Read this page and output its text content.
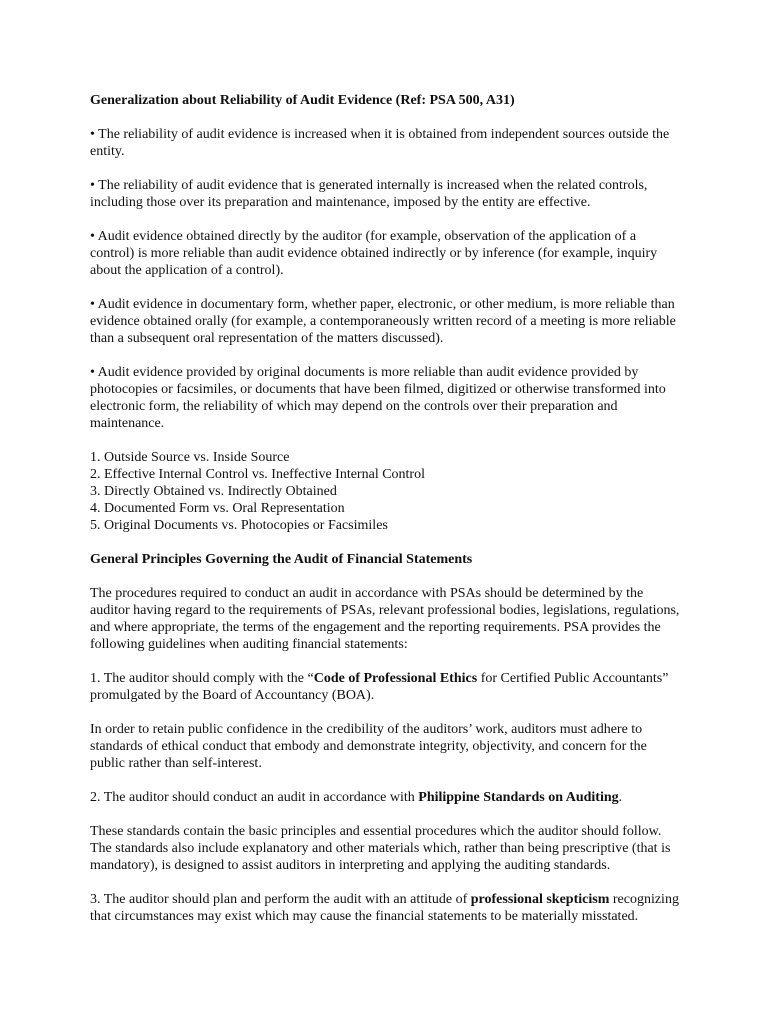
Generalization about Reliability of Audit Evidence (Ref: PSA 500, A31)

• The reliability of audit evidence is increased when it is obtained from independent sources outside the entity.

• The reliability of audit evidence that is generated internally is increased when the related controls, including those over its preparation and maintenance, imposed by the entity are effective.

• Audit evidence obtained directly by the auditor (for example, observation of the application of a control) is more reliable than audit evidence obtained indirectly or by inference (for example, inquiry about the application of a control).

• Audit evidence in documentary form, whether paper, electronic, or other medium, is more reliable than evidence obtained orally (for example, a contemporaneously written record of a meeting is more reliable than a subsequent oral representation of the matters discussed).

• Audit evidence provided by original documents is more reliable than audit evidence provided by photocopies or facsimiles, or documents that have been filmed, digitized or otherwise transformed into electronic form, the reliability of which may depend on the controls over their preparation and maintenance.

1. Outside Source vs. Inside Source
2. Effective Internal Control vs. Ineffective Internal Control
3. Directly Obtained vs. Indirectly Obtained
4. Documented Form vs. Oral Representation
5. Original Documents vs. Photocopies or Facsimiles

General Principles Governing the Audit of Financial Statements

The procedures required to conduct an audit in accordance with PSAs should be determined by the auditor having regard to the requirements of PSAs, relevant professional bodies, legislations, regulations, and where appropriate, the terms of the engagement and the reporting requirements. PSA provides the following guidelines when auditing financial statements:

1. The auditor should comply with the “Code of Professional Ethics for Certified Public Accountants” promulgated by the Board of Accountancy (BOA).

In order to retain public confidence in the credibility of the auditors’ work, auditors must adhere to standards of ethical conduct that embody and demonstrate integrity, objectivity, and concern for the public rather than self-interest.

2. The auditor should conduct an audit in accordance with Philippine Standards on Auditing.

These standards contain the basic principles and essential procedures which the auditor should follow. The standards also include explanatory and other materials which, rather than being prescriptive (that is mandatory), is designed to assist auditors in interpreting and applying the auditing standards.

3. The auditor should plan and perform the audit with an attitude of professional skepticism recognizing that circumstances may exist which may cause the financial statements to be materially misstated.
